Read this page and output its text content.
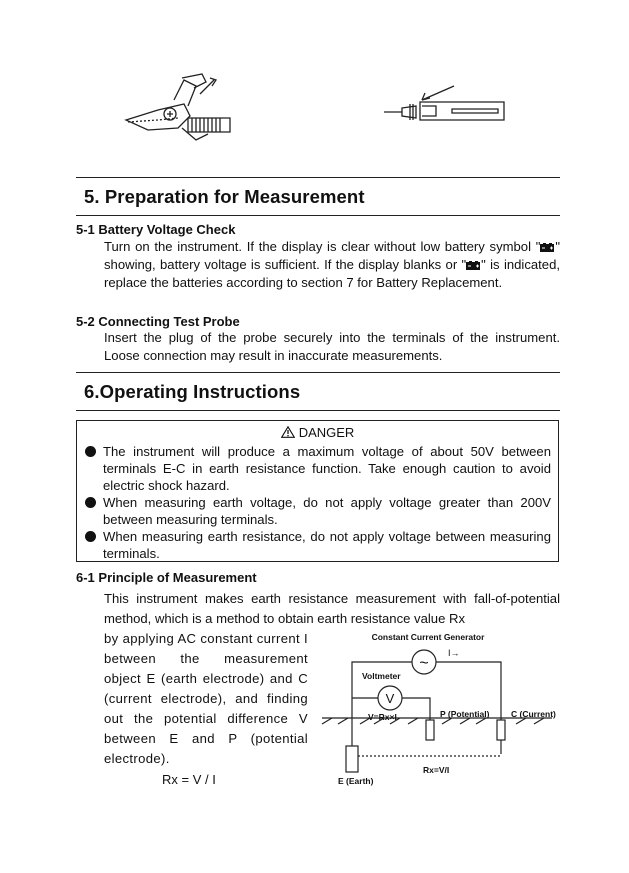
5. Preparation for Measurement
5-1 Battery Voltage Check

Turn on the instrument. If the display is clear without low battery symbol " " showing, battery voltage is sufficient. If the display blanks or " " is indicated, replace the batteries according to section 7 for Battery Replacement.

5-2 Connecting Test Probe

Insert the plug of the probe securely into the terminals of the instrument. Loose connection may result in inaccurate measurements.

6.Operating Instructions
DANGER
The instrument will produce a maximum voltage of about 50V between terminals E-C in earth resistance function. Take enough caution to avoid electric shock hazard.
When measuring earth voltage, do not apply voltage greater than 200V between measuring terminals.
When measuring earth resistance, do not apply voltage between measuring terminals.
6-1 Principle of Measurement

This instrument makes earth resistance measurement with fall-of-potential method, which is a method to obtain earth resistance value Rx

by applying AC constant current I between the measurement object E (earth electrode) and C (current electrode), and finding out the potential difference V between E and P (potential electrode).

Rx = V / I
~
V
Constant Current Generator
I→
Voltmeter
V=Rx×I	P (Potential)	C (Current)
E (Earth)
Rx=V/I
